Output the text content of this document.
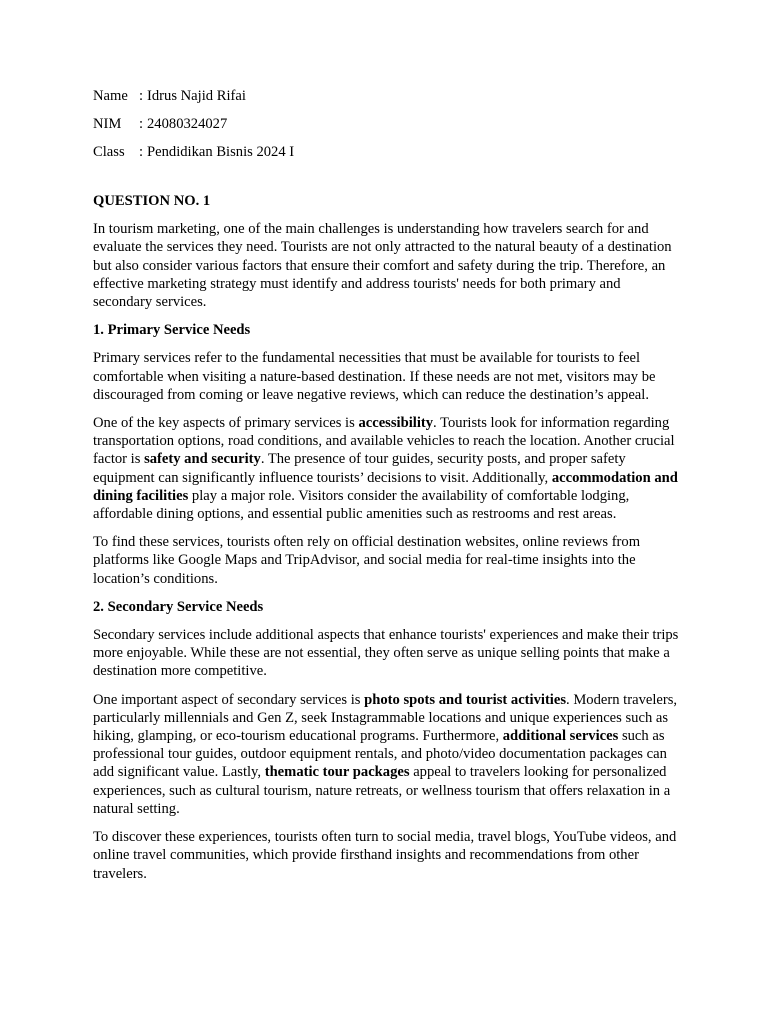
Name : Idrus Najid Rifai
NIM	: 24080324027
Class : Pendidikan Bisnis 2024 I
QUESTION NO. 1

In tourism marketing, one of the main challenges is understanding how travelers search for and evaluate the services they need. Tourists are not only attracted to the natural beauty of a destination but also consider various factors that ensure their comfort and safety during the trip. Therefore, an effective marketing strategy must identify and address tourists' needs for both primary and secondary services.

1. Primary Service Needs

Primary services refer to the fundamental necessities that must be available for tourists to feel comfortable when visiting a nature-based destination. If these needs are not met, visitors may be discouraged from coming or leave negative reviews, which can reduce the destination’s appeal.

One of the key aspects of primary services is accessibility. Tourists look for information regarding transportation options, road conditions, and available vehicles to reach the location. Another crucial factor is safety and security. The presence of tour guides, security posts, and proper safety equipment can significantly influence tourists’ decisions to visit. Additionally, accommodation and dining facilities play a major role. Visitors consider the availability of comfortable lodging, affordable dining options, and essential public amenities such as restrooms and rest areas.

To find these services, tourists often rely on official destination websites, online reviews from platforms like Google Maps and TripAdvisor, and social media for real-time insights into the location’s conditions.

2. Secondary Service Needs

Secondary services include additional aspects that enhance tourists' experiences and make their trips more enjoyable. While these are not essential, they often serve as unique selling points that make a destination more competitive.

One important aspect of secondary services is photo spots and tourist activities. Modern travelers, particularly millennials and Gen Z, seek Instagrammable locations and unique experiences such as hiking, glamping, or eco-tourism educational programs. Furthermore, additional services such as professional tour guides, outdoor equipment rentals, and photo/video documentation packages can add significant value. Lastly, thematic tour packages appeal to travelers looking for personalized experiences, such as cultural tourism, nature retreats, or wellness tourism that offers relaxation in a natural setting.

To discover these experiences, tourists often turn to social media, travel blogs, YouTube videos, and online travel communities, which provide firsthand insights and recommendations from other travelers.
